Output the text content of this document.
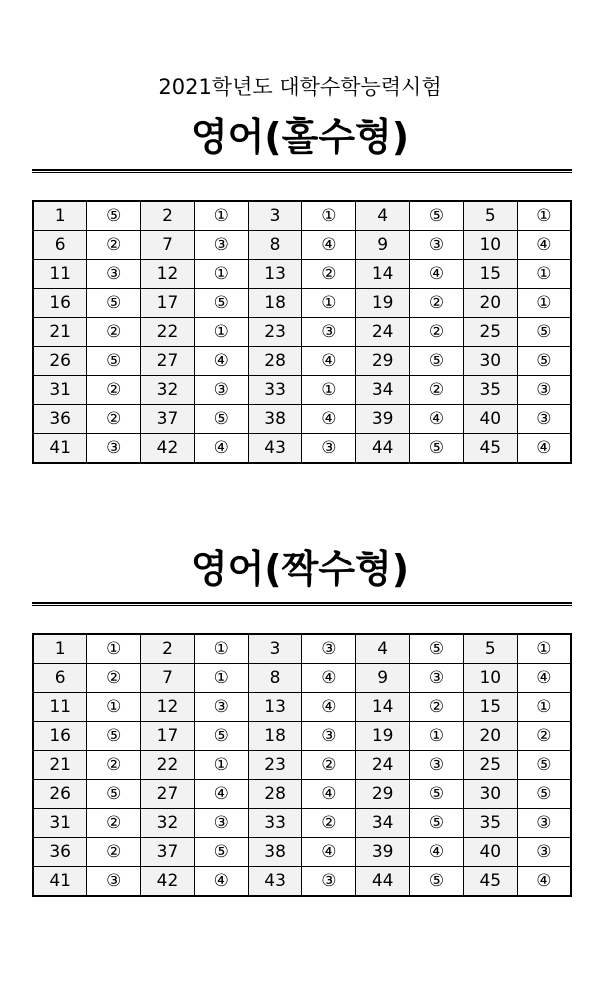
2021학년도 대학수학능력시험
영어(홀수형)
1	⑤	2	①	3	①	4	⑤	5	①
6	②	7	③	8	④	9	③	10	④
11	③	12	①	13	②	14	④	15	①
16	⑤	17	⑤	18	①	19	②	20	①
21	②	22	①	23	③	24	②	25	⑤
26	⑤	27	④	28	④	29	⑤	30	⑤
31	②	32	③	33	①	34	②	35	③
36	②	37	⑤	38	④	39	④	40	③
41	③	42	④	43	③	44	⑤	45	④
영어(짝수형)
1	①	2	①	3	③	4	⑤	5	①
6	②	7	①	8	④	9	③	10	④
11	①	12	③	13	④	14	②	15	①
16	⑤	17	⑤	18	③	19	①	20	②
21	②	22	①	23	②	24	③	25	⑤
26	⑤	27	④	28	④	29	⑤	30	⑤
31	②	32	③	33	②	34	⑤	35	③
36	②	37	⑤	38	④	39	④	40	③
41	③	42	④	43	③	44	⑤	45	④
